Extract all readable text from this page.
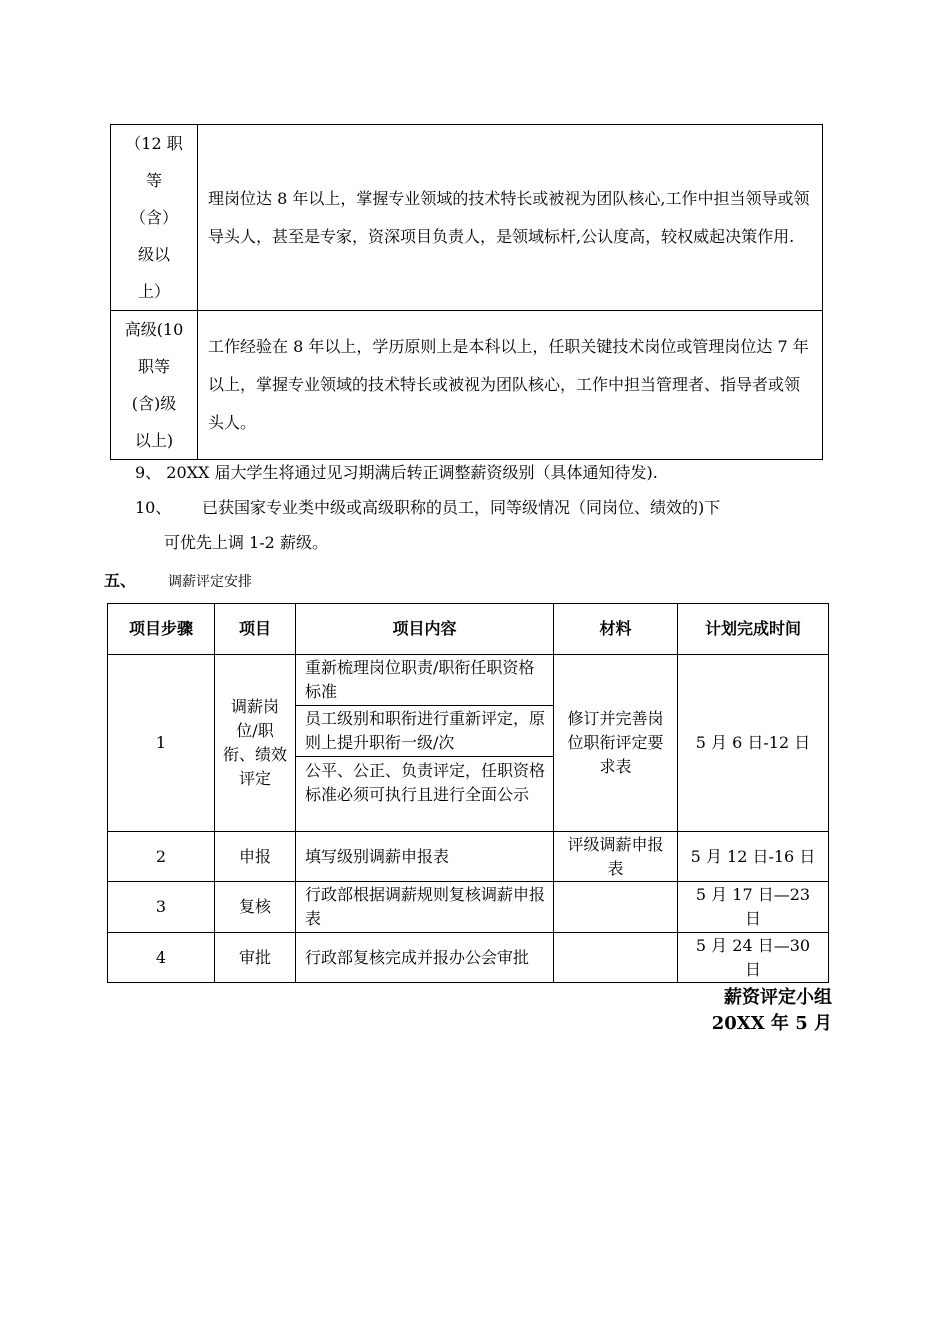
（12 职
等
（含）
级以
上）	理岗位达 8 年以上，掌握专业领域的技术特长或被视为团队核心,工作中担当领导或领导头人，甚至是专家，资深项目负责人，是领域标杆,公认度高，较权威起决策作用.

高级(10
职等
(含)级
以上)	工作经验在 8 年以上，学历原则上是本科以上，任职关键技术岗位或管理岗位达 7 年以上，掌握专业领域的技术特长或被视为团队核心，工作中担当管理者、指导者或领头人。
9、 20XX 届大学生将通过见习期满后转正调整薪资级别（具体通知待发).
10、 已获国家专业类中级或高级职称的员工，同等级情况（同岗位、绩效的)下
可优先上调 1-2 薪级。
五、 调薪评定安排
项目步骤	项目	项目内容	材料	计划完成时间
1	调薪岗位/职衔、绩效评定	重新梳理岗位职责/职衔任职资格标准	修订并完善岗位职衔评定要求表	5 月 6 日-12 日
		员工级别和职衔进行重新评定，原则上提升职衔一级/次		
		公平、公正、负责评定，任职资格标准必须可执行且进行全面公示		
2	申报	填写级别调薪申报表	评级调薪申报表	5 月 12 日-16 日
3	复核	行政部根据调薪规则复核调薪申报表		5 月 17 日—23 日
4	审批	行政部复核完成并报办公会审批		5 月 24 日—30 日
薪资评定小组
20XX 年 5 月
